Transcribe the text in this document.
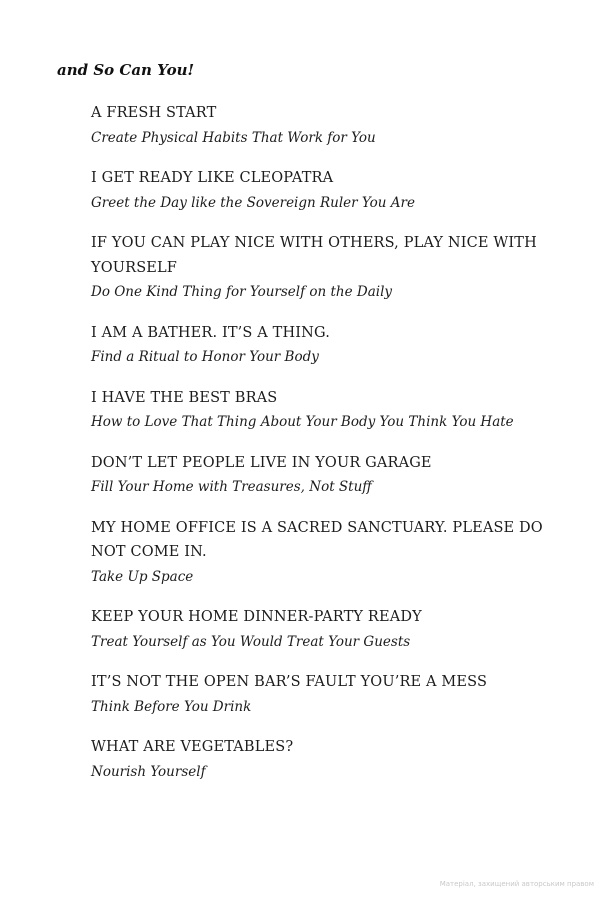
and So Can You!
A FRESH START
Create Physical Habits That Work for You
I GET READY LIKE CLEOPATRA
Greet the Day like the Sovereign Ruler You Are
IF YOU CAN PLAY NICE WITH OTHERS, PLAY NICE WITH YOURSELF
Do One Kind Thing for Yourself on the Daily
I AM A BATHER. IT’S A THING.
Find a Ritual to Honor Your Body
I HAVE THE BEST BRAS
How to Love That Thing About Your Body You Think You Hate
DON’T LET PEOPLE LIVE IN YOUR GARAGE
Fill Your Home with Treasures, Not Stuff
MY HOME OFFICE IS A SACRED SANCTUARY. PLEASE DO NOT COME IN.
Take Up Space
KEEP YOUR HOME DINNER-PARTY READY
Treat Yourself as You Would Treat Your Guests
IT’S NOT THE OPEN BAR’S FAULT YOU’RE A MESS
Think Before You Drink
WHAT ARE VEGETABLES?
Nourish Yourself
Матеріал, захищений авторським правом
